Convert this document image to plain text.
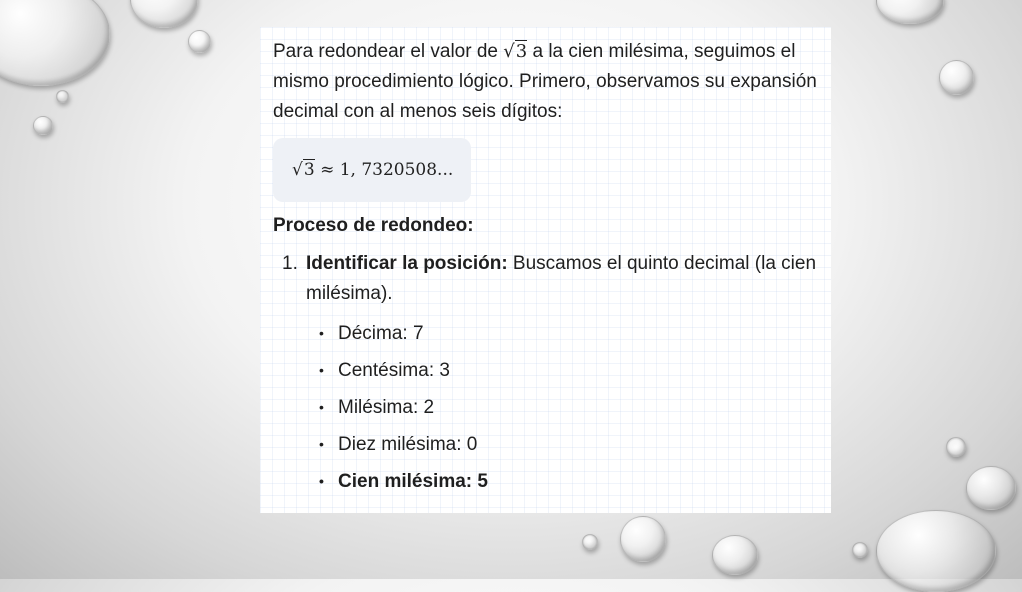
Para redondear el valor de √3 a la cien milésima, seguimos el mismo procedimiento lógico. Primero, observamos su expansión decimal con al menos seis dígitos:

√3 ≈ 1, 7320508...
Proceso de redondeo:
1. Identificar la posición: Buscamos el quinto decimal (la cien milésima).
• Décima: 7
• Centésima: 3
• Milésima: 2
• Diez milésima: 0
• Cien milésima: 5
